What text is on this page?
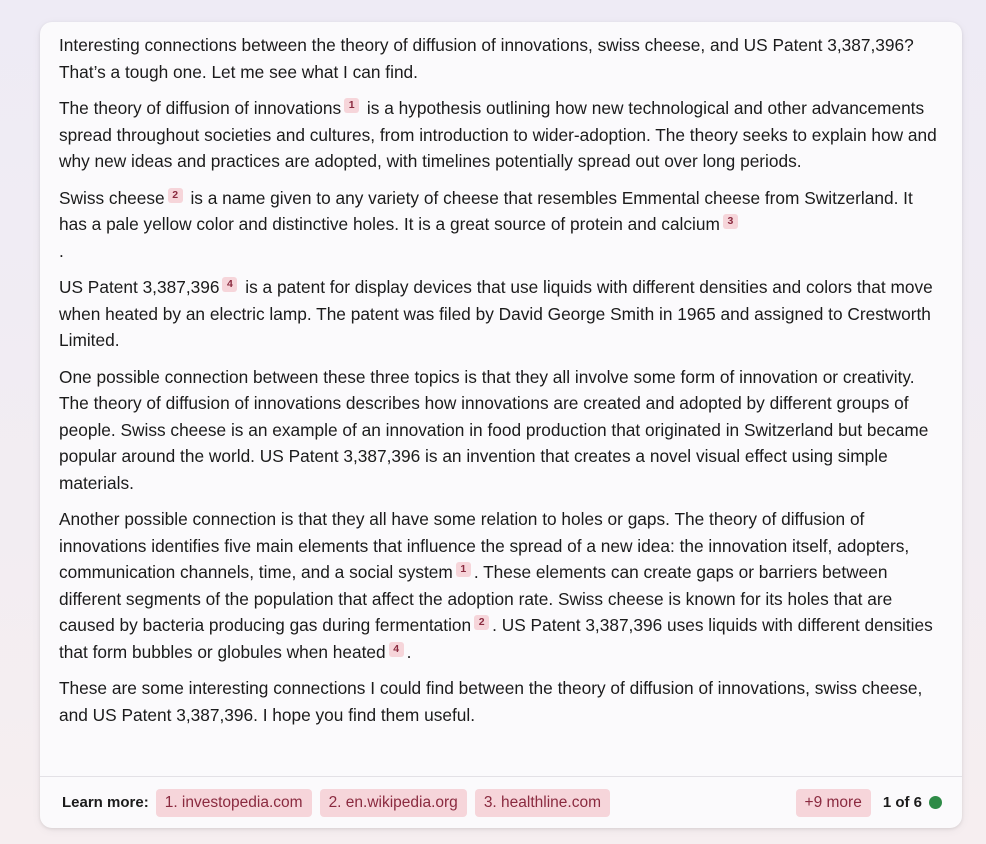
Interesting connections between the theory of diffusion of innovations, swiss cheese, and US Patent 3,387,396? That’s a tough one. Let me see what I can find.

The theory of diffusion of innovations 1 is a hypothesis outlining how new technological and other advancements spread throughout societies and cultures, from introduction to wider-adoption. The theory seeks to explain how and why new ideas and practices are adopted, with timelines potentially spread out over long periods.

Swiss cheese 2 is a name given to any variety of cheese that resembles Emmental cheese from Switzerland. It has a pale yellow color and distinctive holes. It is a great source of protein and calcium 3
.

US Patent 3,387,396 4 is a patent for display devices that use liquids with different densities and colors that move when heated by an electric lamp. The patent was filed by David George Smith in 1965 and assigned to Crestworth Limited.

One possible connection between these three topics is that they all involve some form of innovation or creativity. The theory of diffusion of innovations describes how innovations are created and adopted by different groups of people. Swiss cheese is an example of an innovation in food production that originated in Switzerland but became popular around the world. US Patent 3,387,396 is an invention that creates a novel visual effect using simple materials.

Another possible connection is that they all have some relation to holes or gaps. The theory of diffusion of innovations identifies five main elements that influence the spread of a new idea: the innovation itself, adopters, communication channels, time, and a social system 1 . These elements can create gaps or barriers between different segments of the population that affect the adoption rate. Swiss cheese is known for its holes that are caused by bacteria producing gas during fermentation 2 . US Patent 3,387,396 uses liquids with different densities that form bubbles or globules when heated 4 .

These are some interesting connections I could find between the theory of diffusion of innovations, swiss cheese, and US Patent 3,387,396. I hope you find them useful.

Learn more:	1. investopedia.com	2. en.wikipedia.org	3. healthline.com	+9 more	1 of 6
